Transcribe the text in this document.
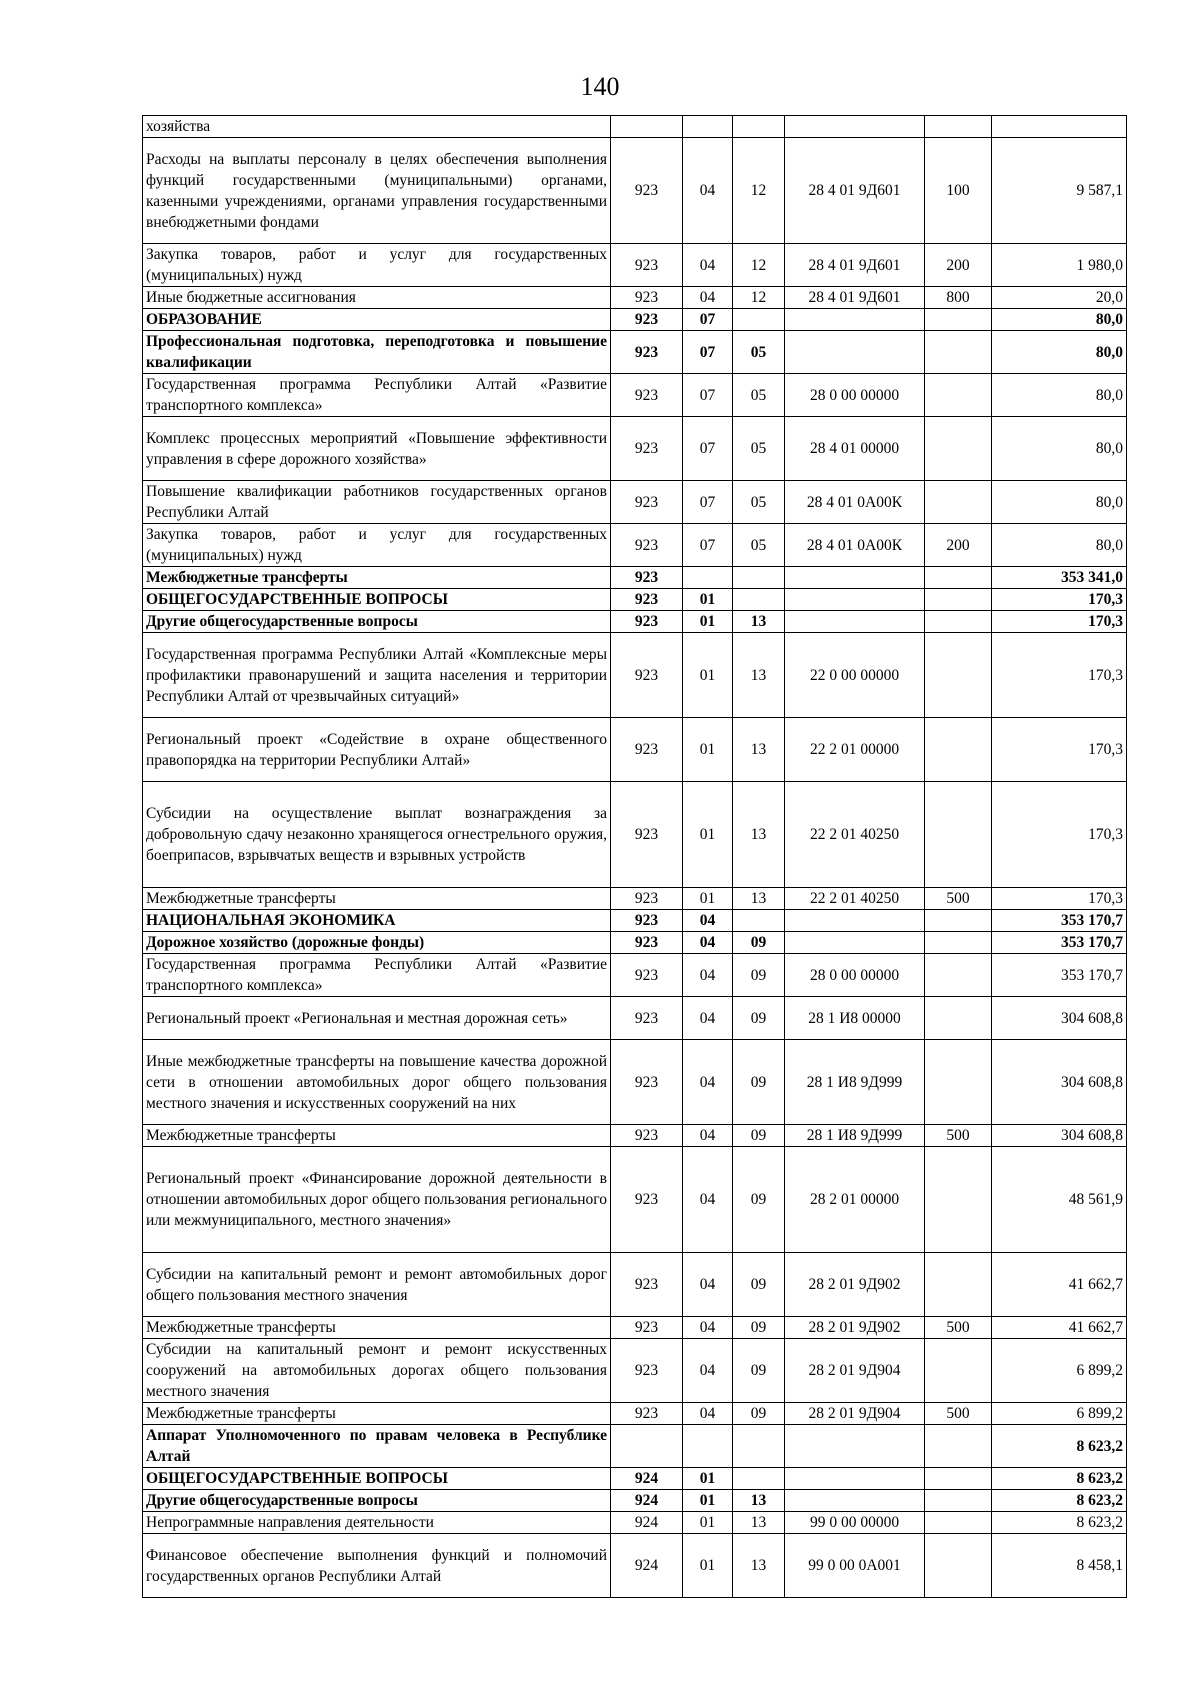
140
хозяйства						
Расходы на выплаты персоналу в целях обеспечения выполнения функций государственными (муниципальными) органами, казенными учреждениями, органами управления государственными внебюджетными фондами	923	04	12	28 4 01 9Д601	100	9 587,1
Закупка товаров, работ и услуг для государственных (муниципальных) нужд	923	04	12	28 4 01 9Д601	200	1 980,0
Иные бюджетные ассигнования	923	04	12	28 4 01 9Д601	800	20,0
ОБРАЗОВАНИЕ	923	07				80,0
Профессиональная подготовка, переподготовка и повышение квалификации	923	07	05			80,0
Государственная программа Республики Алтай «Развитие транспортного комплекса»	923	07	05	28 0 00 00000		80,0
Комплекс процессных мероприятий «Повышение эффективности управления в сфере дорожного хозяйства»	923	07	05	28 4 01 00000		80,0
Повышение квалификации работников государственных органов Республики Алтай	923	07	05	28 4 01 0А00К		80,0
Закупка товаров, работ и услуг для государственных (муниципальных) нужд	923	07	05	28 4 01 0А00К	200	80,0
Межбюджетные трансферты	923					353 341,0
ОБЩЕГОСУДАРСТВЕННЫЕ ВОПРОСЫ	923	01				170,3
Другие общегосударственные вопросы	923	01	13			170,3
Государственная программа Республики Алтай «Комплексные меры профилактики правонарушений и защита населения и территории Республики Алтай от чрезвычайных ситуаций»	923	01	13	22 0 00 00000		170,3
Региональный проект «Содействие в охране общественного правопорядка на территории Республики Алтай»	923	01	13	22 2 01 00000		170,3
Субсидии на осуществление выплат вознаграждения за добровольную сдачу незаконно хранящегося огнестрельного оружия, боеприпасов, взрывчатых веществ и взрывных устройств	923	01	13	22 2 01 40250		170,3
Межбюджетные трансферты	923	01	13	22 2 01 40250	500	170,3
НАЦИОНАЛЬНАЯ ЭКОНОМИКА	923	04				353 170,7
Дорожное хозяйство (дорожные фонды)	923	04	09			353 170,7
Государственная программа Республики Алтай «Развитие транспортного комплекса»	923	04	09	28 0 00 00000		353 170,7
Региональный проект «Региональная и местная дорожная сеть»	923	04	09	28 1 И8 00000		304 608,8
Иные межбюджетные трансферты на повышение качества дорожной сети в отношении автомобильных дорог общего пользования местного значения и искусственных сооружений на них	923	04	09	28 1 И8 9Д999		304 608,8
Межбюджетные трансферты	923	04	09	28 1 И8 9Д999	500	304 608,8
Региональный проект «Финансирование дорожной деятельности в отношении автомобильных дорог общего пользования регионального или межмуниципального, местного значения»	923	04	09	28 2 01 00000		48 561,9
Субсидии на капитальный ремонт и ремонт автомобильных дорог общего пользования местного значения	923	04	09	28 2 01 9Д902		41 662,7
Межбюджетные трансферты	923	04	09	28 2 01 9Д902	500	41 662,7
Субсидии на капитальный ремонт и ремонт искусственных сооружений на автомобильных дорогах общего пользования местного значения	923	04	09	28 2 01 9Д904		6 899,2
Межбюджетные трансферты	923	04	09	28 2 01 9Д904	500	6 899,2
Аппарат Уполномоченного по правам человека в Республике Алтай						8 623,2
ОБЩЕГОСУДАРСТВЕННЫЕ ВОПРОСЫ	924	01				8 623,2
Другие общегосударственные вопросы	924	01	13			8 623,2
Непрограммные направления деятельности	924	01	13	99 0 00 00000		8 623,2
Финансовое обеспечение выполнения функций и полномочий государственных органов Республики Алтай	924	01	13	99 0 00 0А001		8 458,1
